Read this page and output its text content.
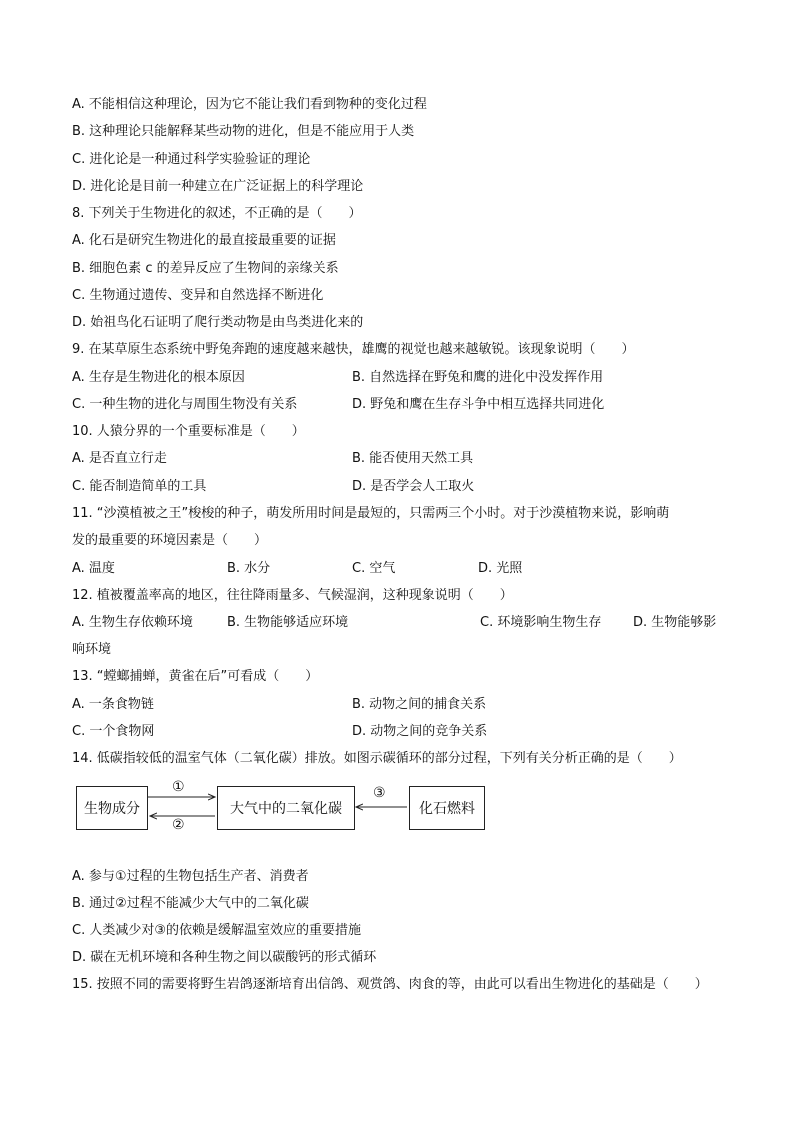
A. 不能相信这种理论，因为它不能让我们看到物种的变化过程
B. 这种理论只能解释某些动物的进化，但是不能应用于人类
C. 进化论是一种通过科学实验验证的理论
D. 进化论是目前一种建立在广泛证据上的科学理论
8. 下列关于生物进化的叙述，不正确的是（　　）
A. 化石是研究生物进化的最直接最重要的证据
B. 细胞色素 c 的差异反应了生物间的亲缘关系
C. 生物通过遗传、变异和自然选择不断进化
D. 始祖鸟化石证明了爬行类动物是由鸟类进化来的
9. 在某草原生态系统中野兔奔跑的速度越来越快，雄鹰的视觉也越来越敏锐。该现象说明（　　）
A. 生存是生物进化的根本原因	B. 自然选择在野兔和鹰的进化中没发挥作用
C. 一种生物的进化与周围生物没有关系	D. 野兔和鹰在生存斗争中相互选择共同进化
10. 人猿分界的一个重要标准是（　　）
A. 是否直立行走	B. 能否使用天然工具
C. 能否制造简单的工具	D. 是否学会人工取火
11. “沙漠植被之王”梭梭的种子，萌发所用时间是最短的，只需两三个小时。对于沙漠植物来说，影响萌
发的最重要的环境因素是（　　）
A. 温度	B. 水分	C. 空气	D. 光照
12. 植被覆盖率高的地区，往往降雨量多、气候湿润，这种现象说明（　　）
A. 生物生存依赖环境	B. 生物能够适应环境	C. 环境影响生物生存 D. 生物能够影
响环境
13. “螳螂捕蝉，黄雀在后”可看成（　　）
A. 一条食物链	B. 动物之间的捕食关系
C. 一个食物网	D. 动物之间的竞争关系
14. 低碳指较低的温室气体（二氧化碳）排放。如图示碳循环的部分过程，下列有关分析正确的是（　　）
生物成分	大气中的二氧化碳	化石燃料
①
②
③
A. 参与①过程的生物包括生产者、消费者
B. 通过②过程不能减少大气中的二氧化碳
C. 人类减少对③的依赖是缓解温室效应的重要措施
D. 碳在无机环境和各种生物之间以碳酸钙的形式循环
15. 按照不同的需要将野生岩鸽逐渐培育出信鸽、观赏鸽、肉食的等，由此可以看出生物进化的基础是（　　）
